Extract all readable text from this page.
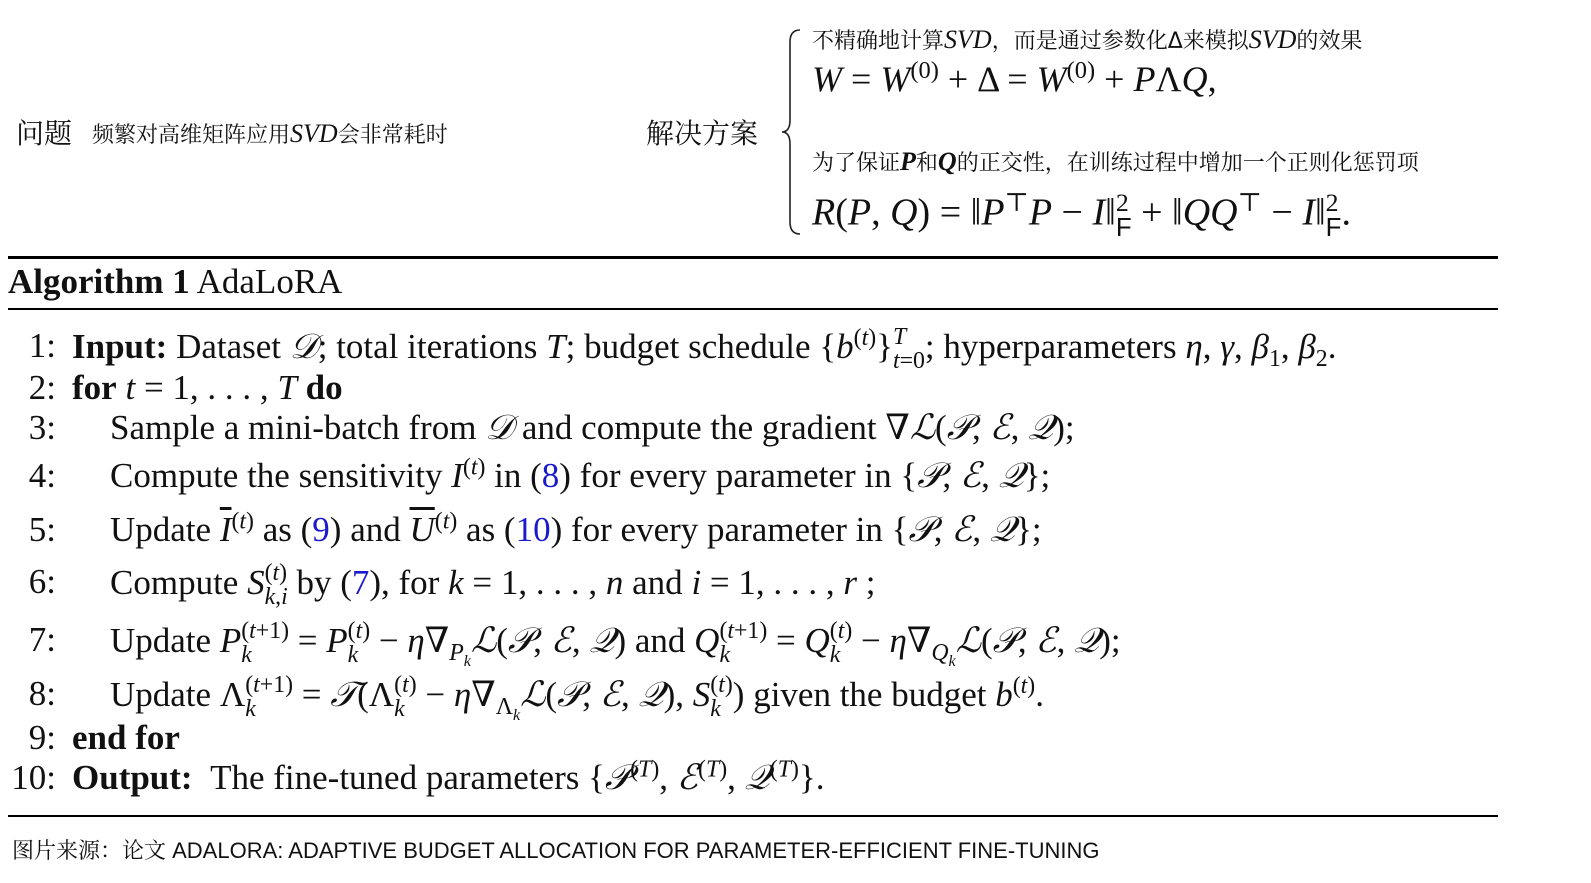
问题 频繁对高维矩阵应用SVD会非常耗时	解决方案
不精确地计算SVD，而是通过参数化Δ来模拟SVD的效果
$W = W^{(0)} + \Delta = W^{(0)} + P\Lambda Q$,
为了保证P和Q的正交性，在训练过程中增加一个正则化惩罚项
R(P, Q) = ‖P⊤P − I‖ 2
F + ‖QQ⊤ − I‖ 2
F .
Algorithm 1 AdaLoRA
1: Input: Dataset 𝒟; total iterations T; budget schedule $\{b^{(t)}\}$ T
t=0 ; hyperparameters η, γ, $\beta_1$, $\beta_2$.
2: for t = 1, . . . , T do
3: Sample a mini-batch from 𝒟 and compute the gradient ∇ℒ(𝒫, ℰ, 𝒬);
4: Compute the sensitivity $I^{(t)}$ in (8) for every parameter in {𝒫, ℰ, 𝒬};
5: Update $\overline{I}^{(t)}$ as (9) and $\overline{U}^{(t)}$ as (10) for every parameter in {𝒫, ℰ, 𝒬};
6: Compute S (t)
k,i by (7), for k = 1, . . . , n and i = 1, . . . , r ;
7: Update P (t+1)
k	= P (t)
$k - \eta\nabla_{P_k}ℒ(𝒫$, ℰ, 𝒬) and Q (t+1)
k	= Q (t)
$k - \eta\nabla_{Q_k}ℒ(𝒫$, ℰ, 𝒬);
8: Update Λ (t+1)
k	= 𝒯(Λ (t)
$k - \eta\nabla_{\Lambda_k}ℒ(𝒫$, ℰ, 𝒬), S (t)
k ) given the budget $b^{(t)}$.
9: end for
10: Output: The fine-tuned parameters {𝒫$^{(T)}$, ℰ$^{(T)}$, 𝒬$^{(T)}$}.
图片来源：论文 ADALORA: ADAPTIVE BUDGET ALLOCATION FOR PARAMETER-EFFICIENT FINE-TUNING
